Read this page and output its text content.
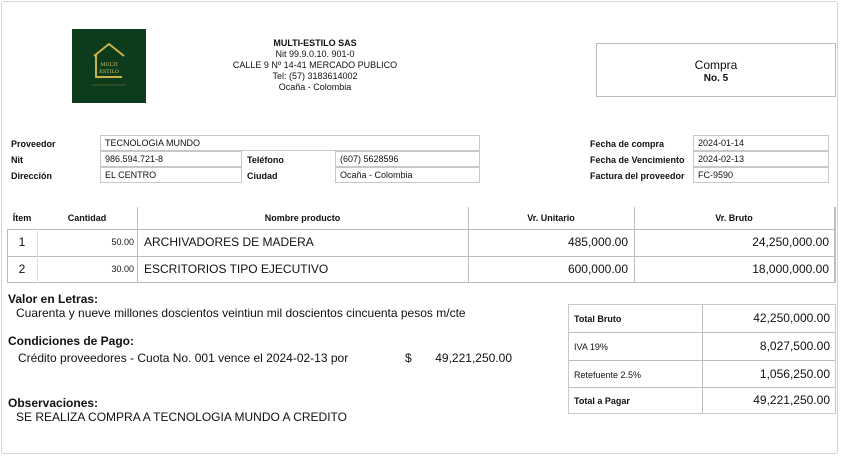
MULTI
ESTILO
MULTI-ESTILO SAS
Nit 99.9.0.10. 901-0
CALLE 9 Nº 14-41 MERCADO PUBLICO
Tel: (57) 3183614002
Ocaña - Colombia
Compra
No. 5
Proveedor	TECNOLOGIA MUNDO
Nit	986.594.721-8	Teléfono	(607) 5628596
Dirección	EL CENTRO	Ciudad	Ocaña - Colombia
Fecha de compra	2024-01-14
Fecha de Vencimiento	2024-02-13
Factura del proveedor	FC-9590
Ítem	Cantidad	Nombre producto	Vr. Unitario	Vr. Bruto
1	50.00 ARCHIVADORES DE MADERA	485,000.00	24,250,000.00
2	30.00 ESCRITORIOS TIPO EJECUTIVO	600,000.00	18,000,000.00
Valor en Letras:
Cuarenta y nueve millones doscientos veintiun mil doscientos cincuenta pesos m/cte
Condiciones de Pago:
Crédito proveedores - Cuota No. 001 vence el 2024-02-13 por	$	49,221,250.00
Observaciones:
SE REALIZA COMPRA A TECNOLOGIA MUNDO A CREDITO
Total Bruto	42,250,000.00
IVA 19%	8,027,500.00
Retefuente 2.5%	1,056,250.00
Total a Pagar	49,221,250.00
